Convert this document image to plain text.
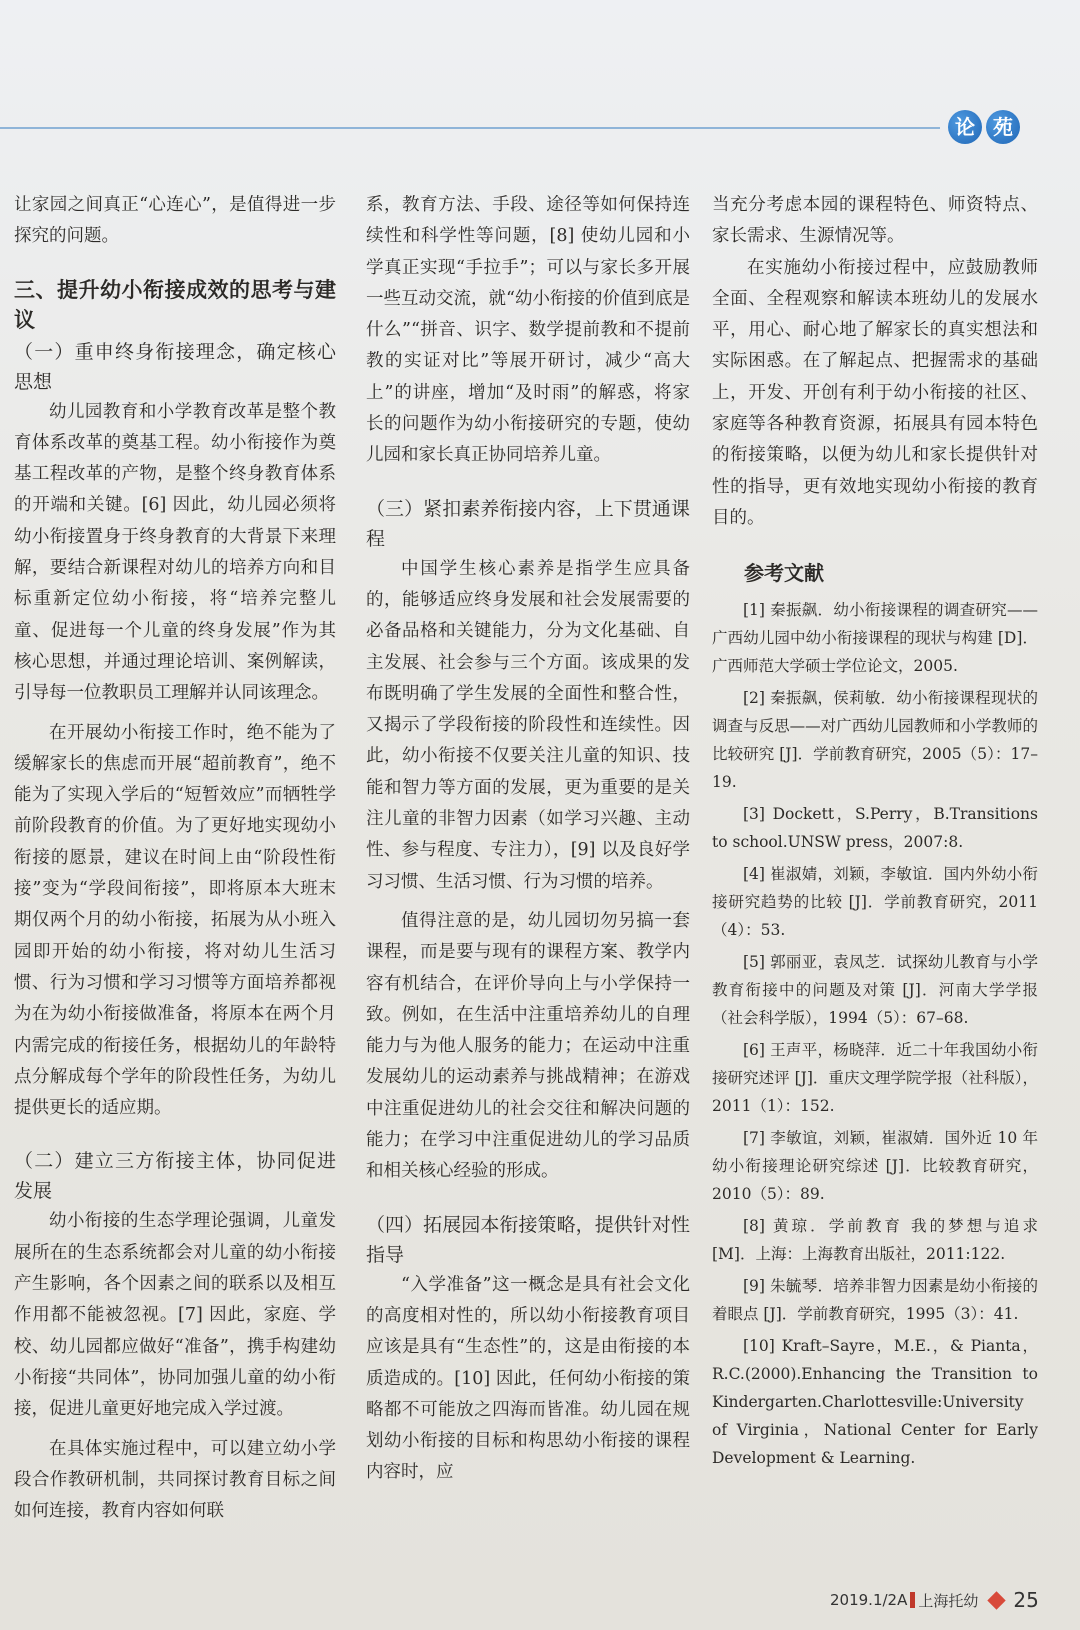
论 苑

让家园之间真正“心连心”，是值得进一步探究的问题。

三、提升幼小衔接成效的思考与建议

（一）重申终身衔接理念，确定核心思想

幼儿园教育和小学教育改革是整个教育体系改革的奠基工程。幼小衔接作为奠基工程改革的产物，是整个终身教育体系的开端和关键。[6] 因此，幼儿园必须将幼小衔接置身于终身教育的大背景下来理解，要结合新课程对幼儿的培养方向和目标重新定位幼小衔接，将“培养完整儿童、促进每一个儿童的终身发展”作为其核心思想，并通过理论培训、案例解读，引导每一位教职员工理解并认同该理念。

在开展幼小衔接工作时，绝不能为了缓解家长的焦虑而开展“超前教育”，绝不能为了实现入学后的“短暂效应”而牺牲学前阶段教育的价值。为了更好地实现幼小衔接的愿景，建议在时间上由“阶段性衔接”变为“学段间衔接”，即将原本大班末期仅两个月的幼小衔接，拓展为从小班入园即开始的幼小衔接，将对幼儿生活习惯、行为习惯和学习习惯等方面培养都视为在为幼小衔接做准备，将原本在两个月内需完成的衔接任务，根据幼儿的年龄特点分解成每个学年的阶段性任务，为幼儿提供更长的适应期。

（二）建立三方衔接主体，协同促进发展

幼小衔接的生态学理论强调，儿童发展所在的生态系统都会对儿童的幼小衔接产生影响，各个因素之间的联系以及相互作用都不能被忽视。[7] 因此，家庭、学校、幼儿园都应做好“准备”，携手构建幼小衔接“共同体”，协同加强儿童的幼小衔接，促进儿童更好地完成入学过渡。

在具体实施过程中，可以建立幼小学段合作教研机制，共同探讨教育目标之间如何连接，教育内容如何联

系，教育方法、手段、途径等如何保持连续性和科学性等问题，[8] 使幼儿园和小学真正实现“手拉手”；可以与家长多开展一些互动交流，就“幼小衔接的价值到底是什么”“拼音、识字、数学提前教和不提前教的实证对比”等展开研讨，减少“高大上”的讲座，增加“及时雨”的解惑，将家长的问题作为幼小衔接研究的专题，使幼儿园和家长真正协同培养儿童。

（三）紧扣素养衔接内容，上下贯通课程

中国学生核心素养是指学生应具备的，能够适应终身发展和社会发展需要的必备品格和关键能力，分为文化基础、自主发展、社会参与三个方面。该成果的发布既明确了学生发展的全面性和整合性，又揭示了学段衔接的阶段性和连续性。因此，幼小衔接不仅要关注儿童的知识、技能和智力等方面的发展，更为重要的是关注儿童的非智力因素（如学习兴趣、主动性、参与程度、专注力），[9] 以及良好学习习惯、生活习惯、行为习惯的培养。

值得注意的是，幼儿园切勿另搞一套课程，而是要与现有的课程方案、教学内容有机结合，在评价导向上与小学保持一致。例如，在生活中注重培养幼儿的自理能力与为他人服务的能力；在运动中注重发展幼儿的运动素养与挑战精神；在游戏中注重促进幼儿的社会交往和解决问题的能力；在学习中注重促进幼儿的学习品质和相关核心经验的形成。

（四）拓展园本衔接策略，提供针对性指导

“入学准备”这一概念是具有社会文化的高度相对性的，所以幼小衔接教育项目应该是具有“生态性”的，这是由衔接的本质造成的。[10] 因此，任何幼小衔接的策略都不可能放之四海而皆准。幼儿园在规划幼小衔接的目标和构思幼小衔接的课程内容时，应

当充分考虑本园的课程特色、师资特点、家长需求、生源情况等。

在实施幼小衔接过程中，应鼓励教师全面、全程观察和解读本班幼儿的发展水平，用心、耐心地了解家长的真实想法和实际困惑。在了解起点、把握需求的基础上，开发、开创有利于幼小衔接的社区、家庭等各种教育资源，拓展具有园本特色的衔接策略，以便为幼儿和家长提供针对性的指导，更有效地实现幼小衔接的教育目的。

参考文献

[1] 秦振飙．幼小衔接课程的调查研究——广西幼儿园中幼小衔接课程的现状与构建 [D]．广西师范大学硕士学位论文，2005.

[2] 秦振飙，侯莉敏．幼小衔接课程现状的调查与反思——对广西幼儿园教师和小学教师的比较研究 [J]．学前教育研究，2005（5）：17–19.

[3] Dockett，S.Perry，B.Transitions to school.UNSW press，2007:8.

[4] 崔淑婧，刘颖，李敏谊．国内外幼小衔接研究趋势的比较 [J]．学前教育研究，2011（4）：53.

[5] 郭丽亚，袁凤芝．试探幼儿教育与小学教育衔接中的问题及对策 [J]．河南大学学报（社会科学版），1994（5）：67–68.

[6] 王声平，杨晓萍．近二十年我国幼小衔接研究述评 [J]．重庆文理学院学报（社科版），2011（1）：152.

[7] 李敏谊，刘颖，崔淑婧．国外近 10 年幼小衔接理论研究综述 [J]．比较教育研究，2010（5）：89.

[8] 黄琼．学前教育 我的梦想与追求 [M]．上海：上海教育出版社，2011:122.

[9] 朱毓琴．培养非智力因素是幼小衔接的着眼点 [J]．学前教育研究，1995（3）：41.

[10] Kraft–Sayre，M.E.，& Pianta，R.C.(2000).Enhancing the Transition to Kindergarten.Charlottesville:University of Virginia，National Center for Early Development & Learning.

2019.1/2A 上海托幼 25
